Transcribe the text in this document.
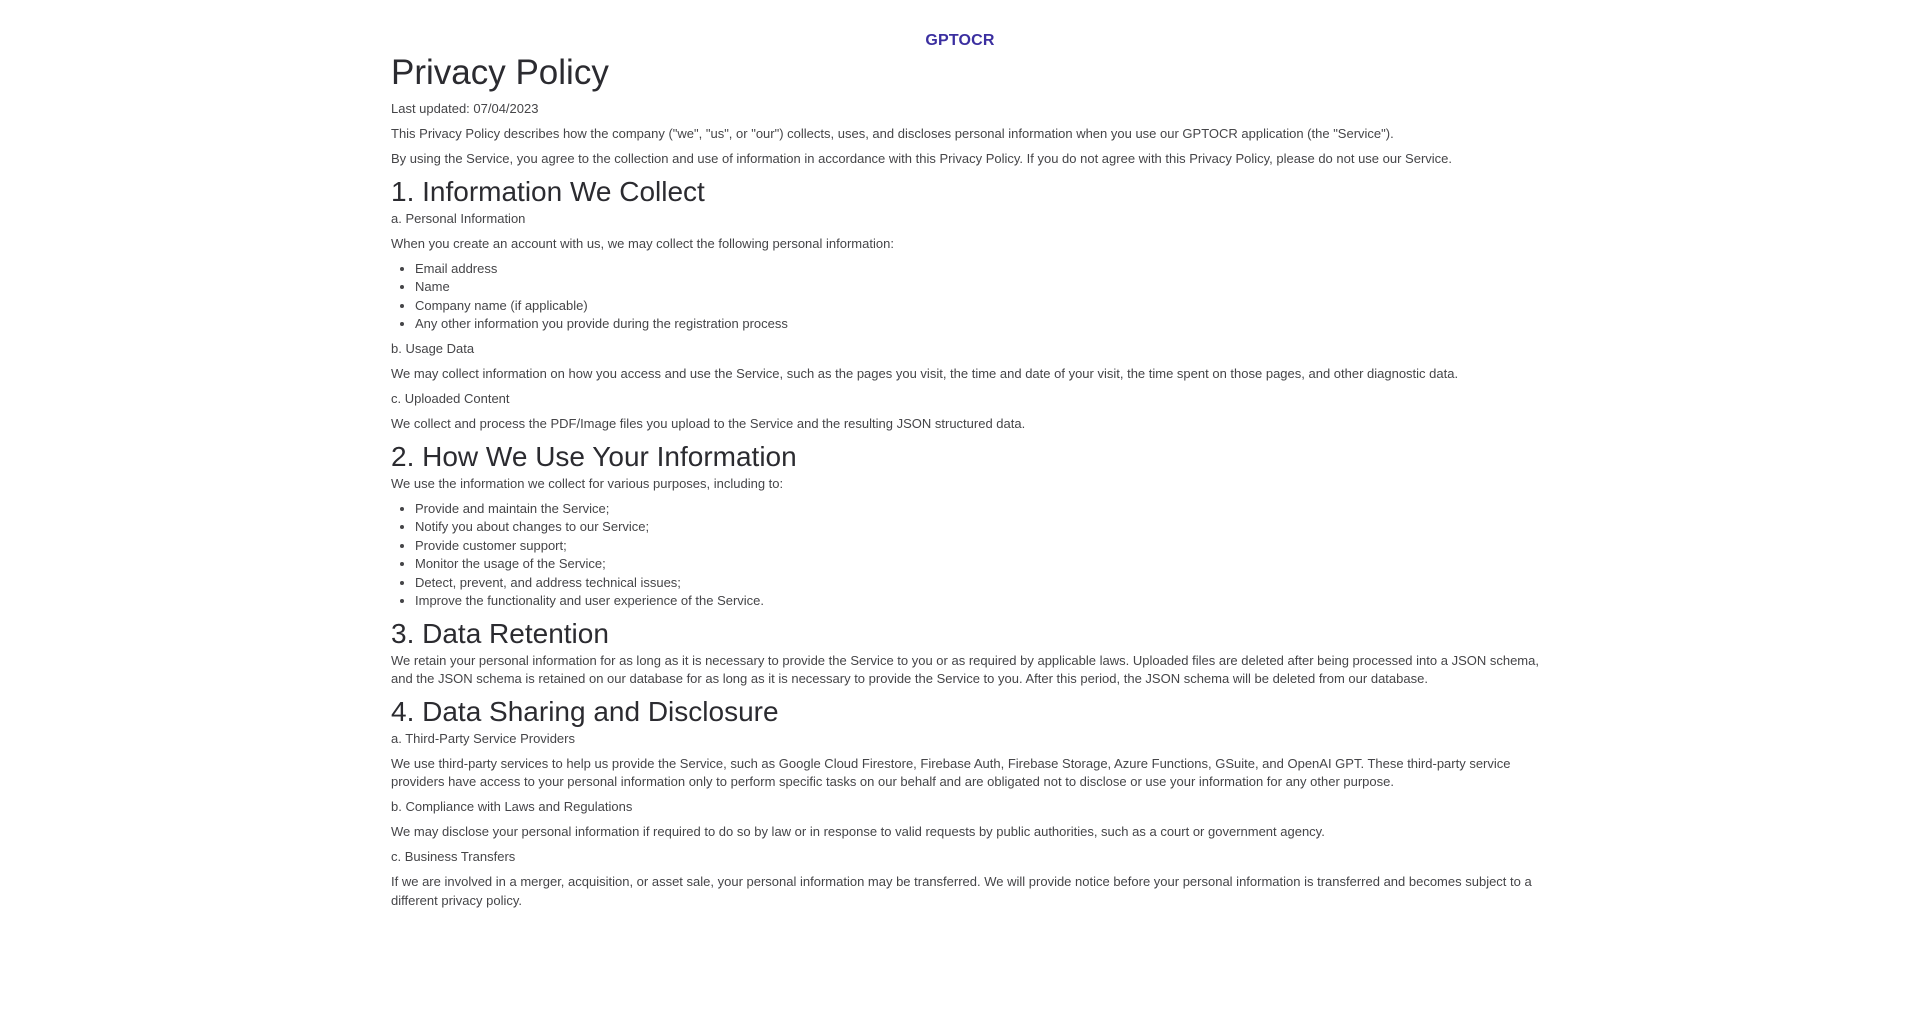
GPTOCR
Privacy Policy

Last updated: 07/04/2023

This Privacy Policy describes how the company ("we", "us", or "our") collects, uses, and discloses personal information when you use our GPTOCR application (the "Service").

By using the Service, you agree to the collection and use of information in accordance with this Privacy Policy. If you do not agree with this Privacy Policy, please do not use our Service.

1. Information We Collect

a. Personal Information

When you create an account with us, we may collect the following personal information:

• Email address
• Name
• Company name (if applicable)
• Any other information you provide during the registration process

b. Usage Data

We may collect information on how you access and use the Service, such as the pages you visit, the time and date of your visit, the time spent on those pages, and other diagnostic data.

c. Uploaded Content

We collect and process the PDF/Image files you upload to the Service and the resulting JSON structured data.

2. How We Use Your Information

We use the information we collect for various purposes, including to:

• Provide and maintain the Service;
• Notify you about changes to our Service;
• Provide customer support;
• Monitor the usage of the Service;
• Detect, prevent, and address technical issues;
• Improve the functionality and user experience of the Service.
3. Data Retention

We retain your personal information for as long as it is necessary to provide the Service to you or as required by applicable laws. Uploaded files are deleted after being processed into a JSON schema, and the JSON schema is retained on our database for as long as it is necessary to provide the Service to you. After this period, the JSON schema will be deleted from our database.

4. Data Sharing and Disclosure

a. Third-Party Service Providers

We use third-party services to help us provide the Service, such as Google Cloud Firestore, Firebase Auth, Firebase Storage, Azure Functions, GSuite, and OpenAI GPT. These third-party service providers have access to your personal information only to perform specific tasks on our behalf and are obligated not to disclose or use your information for any other purpose.

b. Compliance with Laws and Regulations

We may disclose your personal information if required to do so by law or in response to valid requests by public authorities, such as a court or government agency.

c. Business Transfers

If we are involved in a merger, acquisition, or asset sale, your personal information may be transferred. We will provide notice before your personal information is transferred and becomes subject to a different privacy policy.
